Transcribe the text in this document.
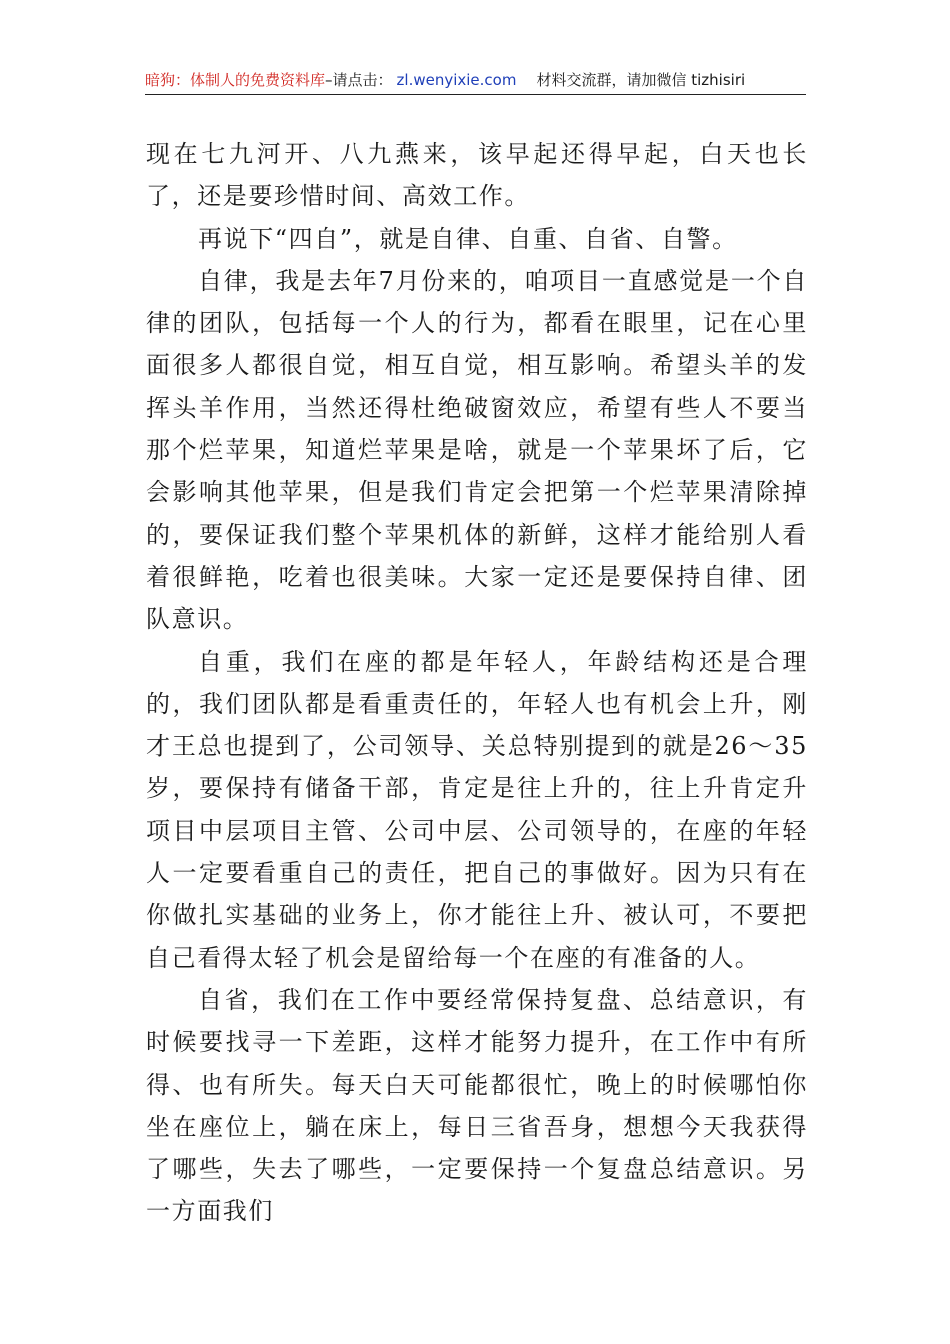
暗狗：体制人的免费资料库–请点击： zl.wenyixie.com 材料交流群，请加微信 tizhisiri

现在七九河开、八九燕来，该早起还得早起，白天也长了，还是要珍惜时间、高效工作。

再说下“四自”，就是自律、自重、自省、自警。

自律，我是去年7月份来的，咱项目一直感觉是一个自律的团队，包括每一个人的行为，都看在眼里，记在心里面很多人都很自觉，相互自觉，相互影响。希望头羊的发挥头羊作用，当然还得杜绝破窗效应，希望有些人不要当那个烂苹果，知道烂苹果是啥，就是一个苹果坏了后，它会影响其他苹果，但是我们肯定会把第一个烂苹果清除掉的，要保证我们整个苹果机体的新鲜，这样才能给别人看着很鲜艳，吃着也很美味。大家一定还是要保持自律、团队意识。

自重，我们在座的都是年轻人，年龄结构还是合理的，我们团队都是看重责任的，年轻人也有机会上升，刚才王总也提到了，公司领导、关总特别提到的就是26～35岁，要保持有储备干部，肯定是往上升的，往上升肯定升项目中层项目主管、公司中层、公司领导的，在座的年轻人一定要看重自己的责任，把自己的事做好。因为只有在你做扎实基础的业务上，你才能往上升、被认可，不要把自己看得太轻了机会是留给每一个在座的有准备的人。

自省，我们在工作中要经常保持复盘、总结意识，有时候要找寻一下差距，这样才能努力提升，在工作中有所得、也有所失。每天白天可能都很忙，晚上的时候哪怕你坐在座位上，躺在床上，每日三省吾身，想想今天我获得了哪些，失去了哪些，一定要保持一个复盘总结意识。另一方面我们
